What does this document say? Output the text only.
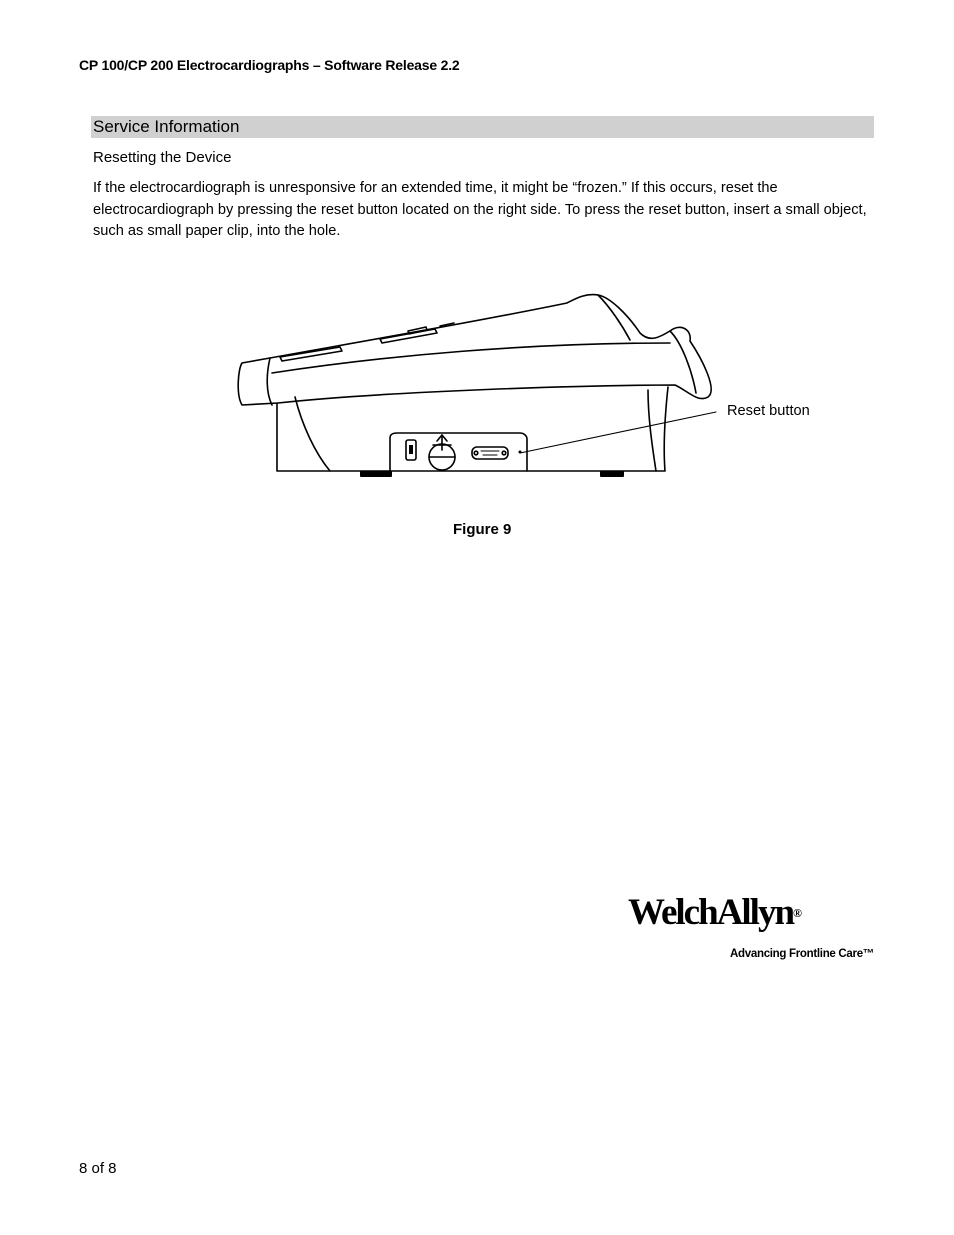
CP 100/CP 200 Electrocardiographs – Software Release 2.2
Service Information
Resetting the Device
If the electrocardiograph is unresponsive for an extended time, it might be “frozen.” If this occurs, reset the electrocardiograph by pressing the reset button located on the right side. To press the reset button, insert a small object, such as small paper clip, into the hole.
Reset button
Figure 9
WelchAllyn®
Advancing Frontline Care™
8 of 8
